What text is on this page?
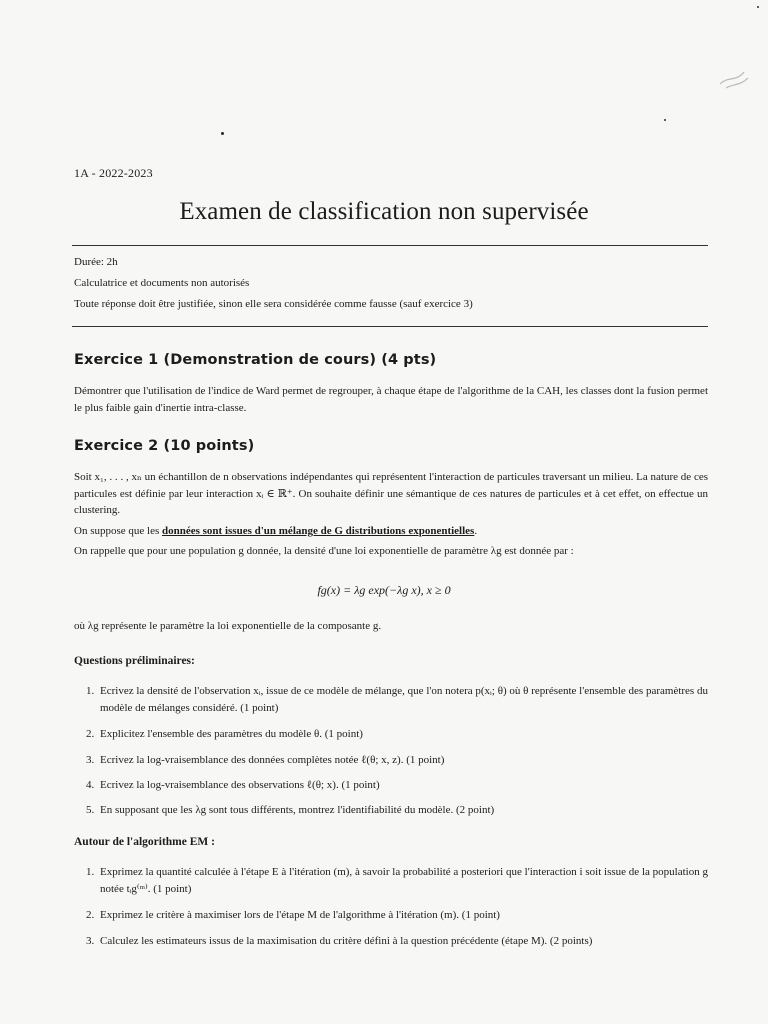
1A - 2022-2023
Examen de classification non supervisée
Durée: 2h
Calculatrice et documents non autorisés
Toute réponse doit être justifiée, sinon elle sera considérée comme fausse (sauf exercice 3)
Exercice 1 (Demonstration de cours) (4 pts)
Démontrer que l'utilisation de l'indice de Ward permet de regrouper, à chaque étape de l'algorithme de la CAH, les classes dont la fusion permet le plus faible gain d'inertie intra-classe.
Exercice 2 (10 points)
Soit x₁, . . . , xₙ un échantillon de n observations indépendantes qui représentent l'interaction de particules traversant un milieu. La nature de ces particules est définie par leur interaction xᵢ ∈ ℝ⁺. On souhaite définir une sémantique de ces natures de particules et à cet effet, on effectue un clustering.
On suppose que les données sont issues d'un mélange de G distributions exponentielles.
On rappelle que pour une population g donnée, la densité d'une loi exponentielle de paramètre λg est donnée par :
fg(x) = λg exp(−λg x), x ≥ 0
où λg représente le paramètre la loi exponentielle de la composante g.
Questions préliminaires:
1. Ecrivez la densité de l'observation xᵢ, issue de ce modèle de mélange, que l'on notera p(xᵢ; θ) où θ représente l'ensemble des paramètres du modèle de mélanges considéré. (1 point)
2. Explicitez l'ensemble des paramètres du modèle θ. (1 point)
3. Ecrivez la log-vraisemblance des données complètes notée ℓ(θ; x, z). (1 point)
4. Ecrivez la log-vraisemblance des observations ℓ(θ; x). (1 point)
5. En supposant que les λg sont tous différents, montrez l'identifiabilité du modèle. (2 point)
Autour de l'algorithme EM :
1. Exprimez la quantité calculée à l'étape E à l'itération (m), à savoir la probabilité a posteriori que l'interaction i soit issue de la population g notée tᵢg⁽ᵐ⁾. (1 point)
2. Exprimez le critère à maximiser lors de l'étape M de l'algorithme à l'itération (m). (1 point)
3. Calculez les estimateurs issus de la maximisation du critère défini à la question précédente (étape M). (2 points)
